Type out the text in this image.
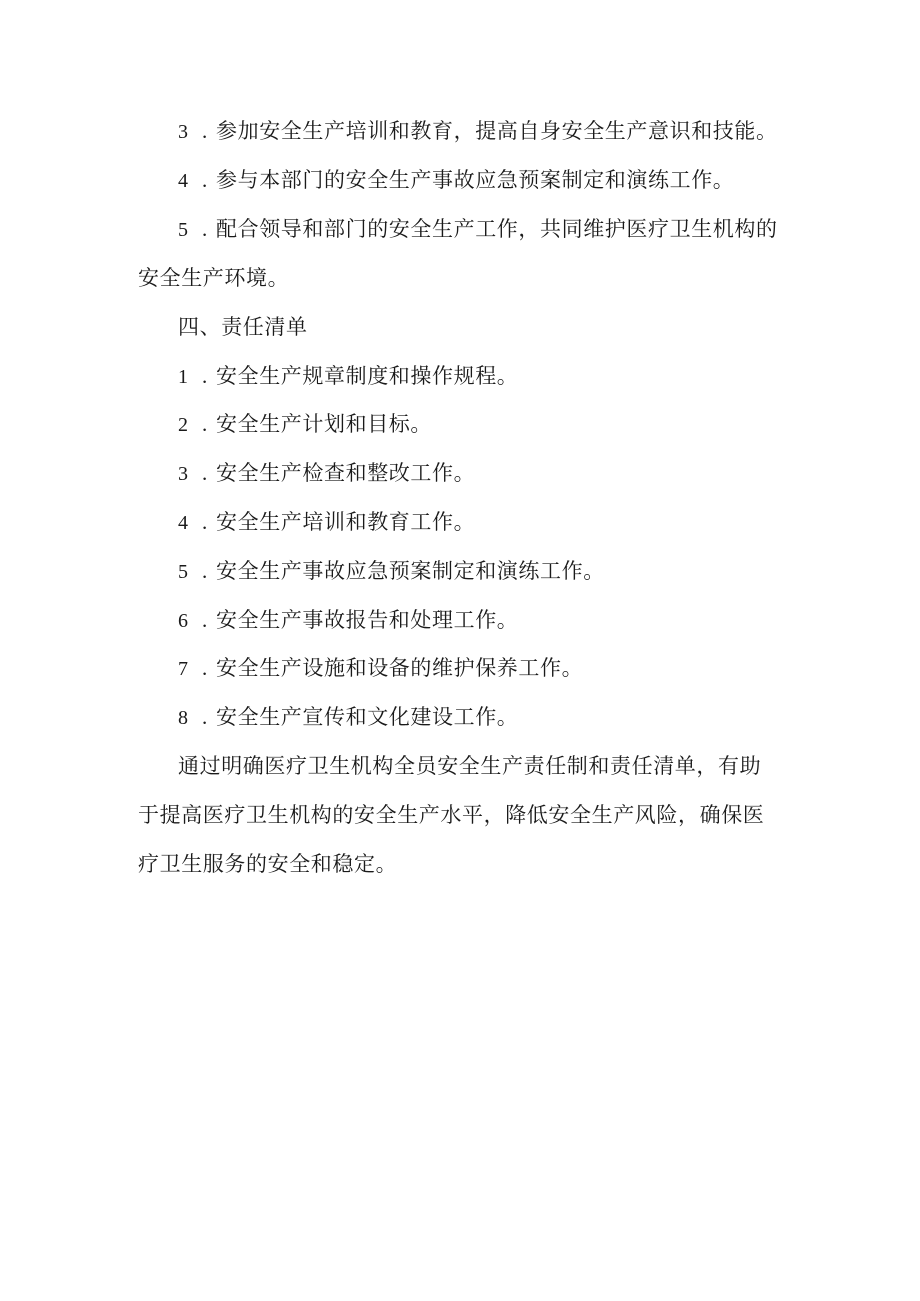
3 . 参加安全生产培训和教育，提高自身安全生产意识和技能。
4 . 参与本部门的安全生产事故应急预案制定和演练工作。
5 . 配合领导和部门的安全生产工作，共同维护医疗卫生机构的
安全生产环境。
四、责任清单
1 . 安全生产规章制度和操作规程。
2 . 安全生产计划和目标。
3 . 安全生产检查和整改工作。
4 . 安全生产培训和教育工作。
5 . 安全生产事故应急预案制定和演练工作。
6 . 安全生产事故报告和处理工作。
7 . 安全生产设施和设备的维护保养工作。
8 . 安全生产宣传和文化建设工作。
通过明确医疗卫生机构全员安全生产责任制和责任清单，有助
于提高医疗卫生机构的安全生产水平，降低安全生产风险，确保医
疗卫生服务的安全和稳定。
